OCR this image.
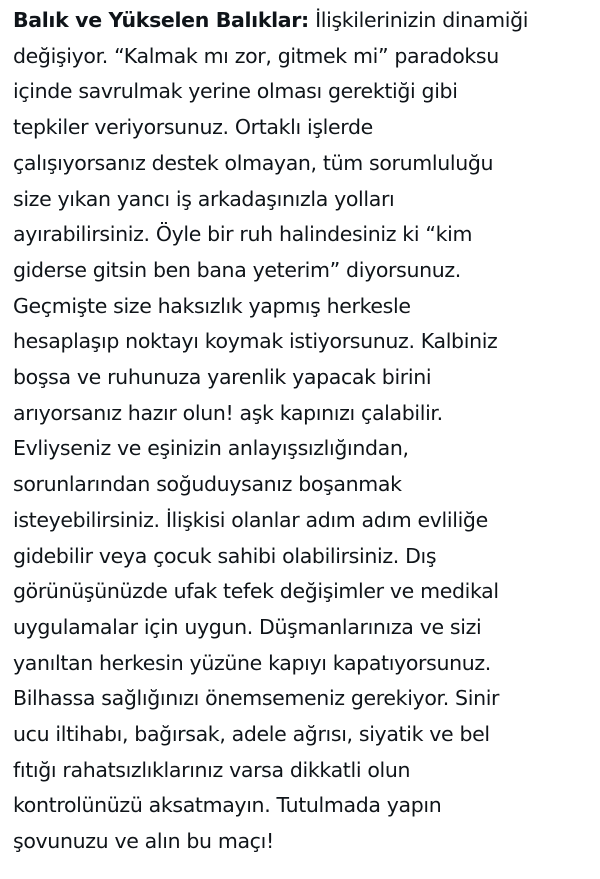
Balık ve Yükselen Balıklar: İlişkilerinizin dinamiği
değişiyor. “Kalmak mı zor, gitmek mi” paradoksu
içinde savrulmak yerine olması gerektiği gibi
tepkiler veriyorsunuz. Ortaklı işlerde
çalışıyorsanız destek olmayan, tüm sorumluluğu
size yıkan yancı iş arkadaşınızla yolları
ayırabilirsiniz. Öyle bir ruh halindesiniz ki “kim
giderse gitsin ben bana yeterim” diyorsunuz.
Geçmişte size haksızlık yapmış herkesle
hesaplaşıp noktayı koymak istiyorsunuz. Kalbiniz
boşsa ve ruhunuza yarenlik yapacak birini
arıyorsanız hazır olun! aşk kapınızı çalabilir.
Evliyseniz ve eşinizin anlayışsızlığından,
sorunlarından soğuduysanız boşanmak
isteyebilirsiniz. İlişkisi olanlar adım adım evliliğe
gidebilir veya çocuk sahibi olabilirsiniz. Dış
görünüşünüzde ufak tefek değişimler ve medikal
uygulamalar için uygun. Düşmanlarınıza ve sizi
yanıltan herkesin yüzüne kapıyı kapatıyorsunuz.
Bilhassa sağlığınızı önemsemeniz gerekiyor. Sinir
ucu iltihabı, bağırsak, adele ağrısı, siyatik ve bel
fıtığı rahatsızlıklarınız varsa dikkatli olun
kontrolünüzü aksatmayın. Tutulmada yapın
şovunuzu ve alın bu maçı!
